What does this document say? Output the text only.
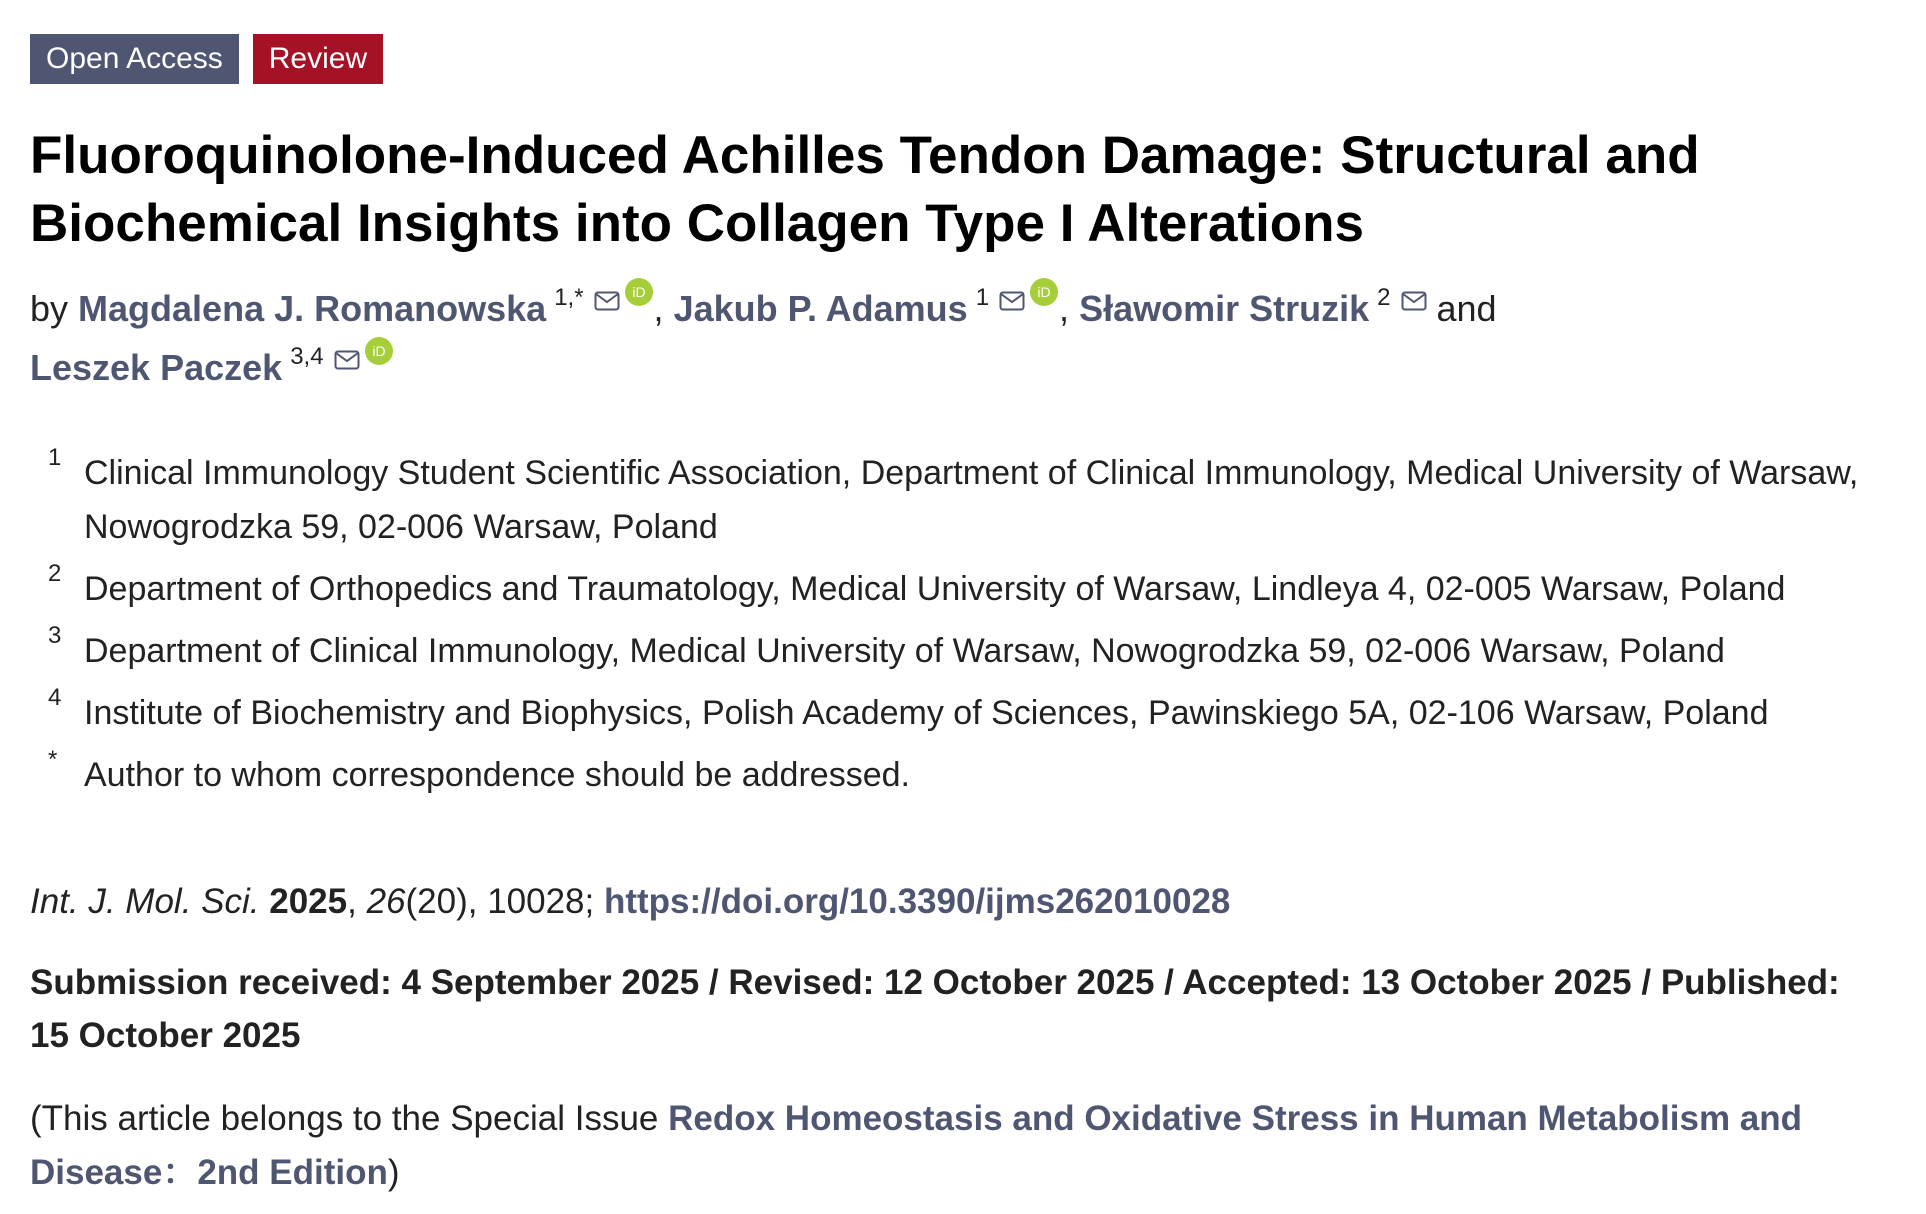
Open Access	Review
Fluoroquinolone-Induced Achilles Tendon Damage: Structural and Biochemical Insights into Collagen Type I Alterations
by Magdalena J. Romanowska $^{1,*}$	iD , Jakub P. Adamus $^1$	iD , Sławomir Struzik $^2$ and
Leszek Paczek $^{3,4}$	iD
1 Clinical Immunology Student Scientific Association, Department of Clinical Immunology, Medical University of Warsaw, Nowogrodzka 59, 02-006 Warsaw, Poland
2 Department of Orthopedics and Traumatology, Medical University of Warsaw, Lindleya 4, 02-005 Warsaw, Poland
3 Department of Clinical Immunology, Medical University of Warsaw, Nowogrodzka 59, 02-006 Warsaw, Poland
4 Institute of Biochemistry and Biophysics, Polish Academy of Sciences, Pawinskiego 5A, 02-106 Warsaw, Poland
* Author to whom correspondence should be addressed.
Int. J. Mol. Sci. 2025, 26(20), 10028; https://doi.org/10.3390/ijms262010028
Submission received: 4 September 2025 / Revised: 12 October 2025 / Accepted: 13 October 2025 / Published: 15 October 2025
(This article belongs to the Special Issue Redox Homeostasis and Oxidative Stress in Human Metabolism and Disease：2nd Edition)
